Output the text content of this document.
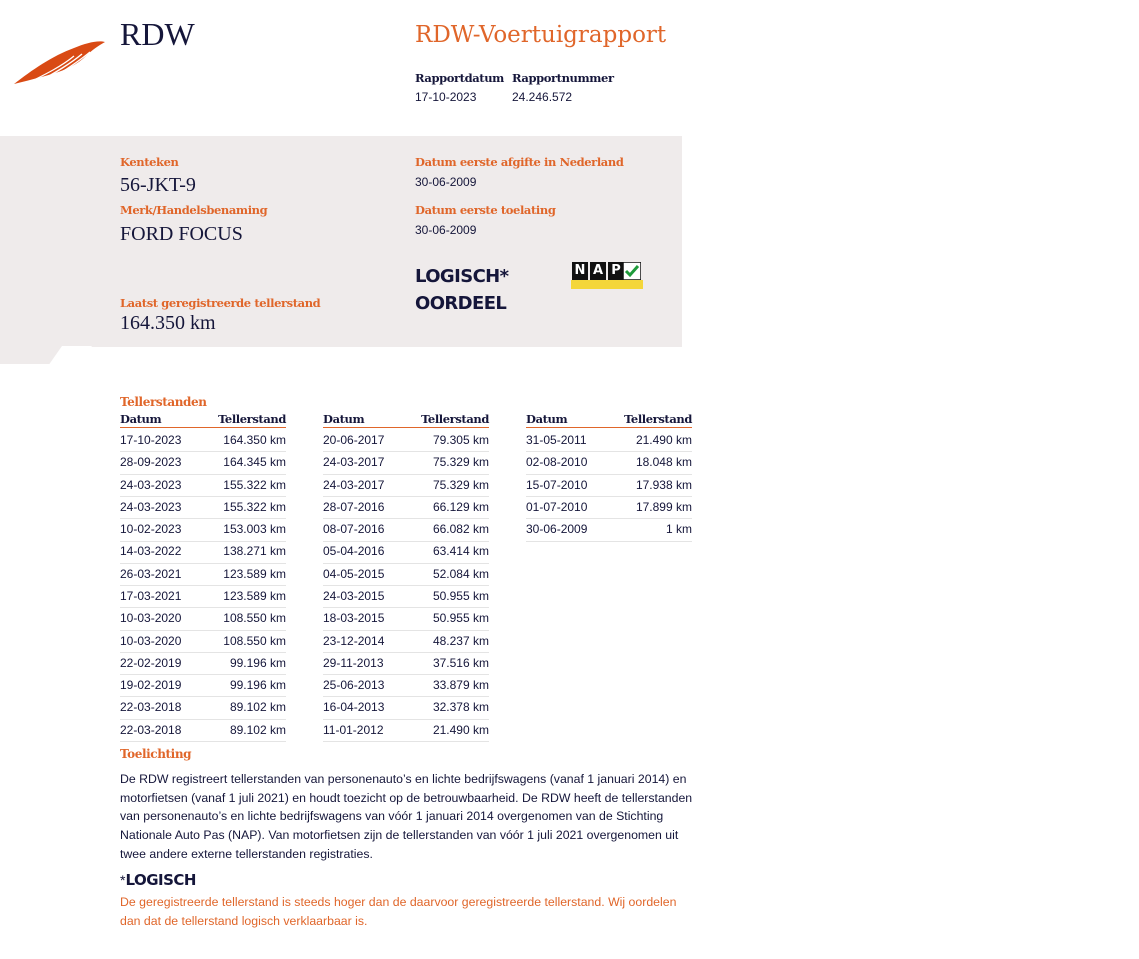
RDW	RDW-Voertuigrapport
Rapportdatum
17-10-2023
Rapportnummer
24.246.572
Kenteken
56-JKT-9
Merk/Handelsbenaming
FORD FOCUS
Datum eerste afgifte in Nederland
30-06-2009
Datum eerste toelating
30-06-2009
LOGISCH*
OORDEEL
N A P
Laatst geregistreerde tellerstand
164.350 km
Tellerstanden
Datum	Tellerstand
17-10-2023	164.350 km
28-09-2023	164.345 km
24-03-2023	155.322 km
24-03-2023	155.322 km
10-02-2023	153.003 km
14-03-2022	138.271 km
26-03-2021	123.589 km
17-03-2021	123.589 km
10-03-2020	108.550 km
10-03-2020	108.550 km
22-02-2019	99.196 km
19-02-2019	99.196 km
22-03-2018	89.102 km
22-03-2018	89.102 km
Datum	Tellerstand
20-06-2017	79.305 km
24-03-2017	75.329 km
24-03-2017	75.329 km
28-07-2016	66.129 km
08-07-2016	66.082 km
05-04-2016	63.414 km
04-05-2015	52.084 km
24-03-2015	50.955 km
18-03-2015	50.955 km
23-12-2014	48.237 km
29-11-2013	37.516 km
25-06-2013	33.879 km
16-04-2013	32.378 km
11-01-2012	21.490 km
Datum	Tellerstand
31-05-2011	21.490 km
02-08-2010	18.048 km
15-07-2010	17.938 km
01-07-2010	17.899 km
30-06-2009	1 km
Toelichting
De RDW registreert tellerstanden van personenauto’s en lichte bedrijfswagens (vanaf 1 januari 2014) en motorfietsen (vanaf 1 juli 2021) en houdt toezicht op de betrouwbaarheid. De RDW heeft de tellerstanden van personenauto’s en lichte bedrijfswagens van vóór 1 januari 2014 overgenomen van de Stichting Nationale Auto Pas (NAP). Van motorfietsen zijn de tellerstanden van vóór 1 juli 2021 overgenomen uit twee andere externe tellerstanden registraties.
*LOGISCH
De geregistreerde tellerstand is steeds hoger dan de daarvoor geregistreerde tellerstand. Wij oordelen dan dat de tellerstand logisch verklaarbaar is.
